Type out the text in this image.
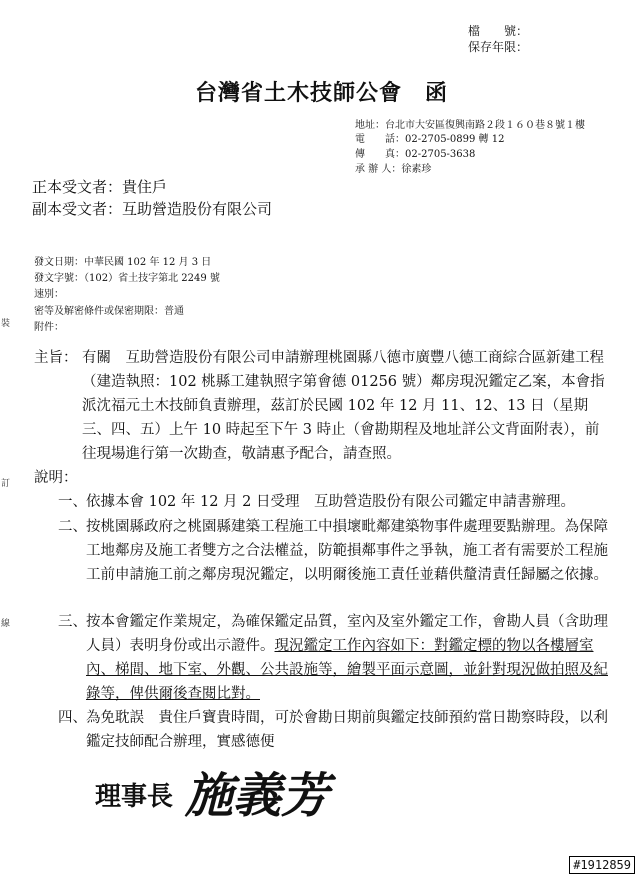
檔　　號：
保存年限：
台灣省土木技師公會　函
地址：台北市大安區復興南路２段１６０巷８號１樓
電　　話：02-2705-0899 轉 12
傳　　真：02-2705-3638
承 辦 人：徐素珍
正本受文者：貴住戶
副本受文者：互助營造股份有限公司
發文日期：中華民國 102 年 12 月 3 日
發文字號：（102）省土技字第北 2249 號
速別：
密等及解密條件或保密期限：普通
附件：
裝
訂
線
主旨： 有關　互助營造股份有限公司申請辦理桃園縣八德市廣豐八德工商綜合區新建工程（建造執照：102 桃縣工建執照字第會德 01256 號）鄰房現況鑑定乙案，本會指派沈福元土木技師負責辦理，茲訂於民國 102 年 12 月 11、12、13 日（星期三、四、五）上午 10 時起至下午 3 時止（會勘期程及地址詳公文背面附表），前往現場進行第一次勘查，敬請惠予配合，請查照。
說明：
一、 依據本會 102 年 12 月 2 日受理　互助營造股份有限公司鑑定申請書辦理。
二、 按桃園縣政府之桃園縣建築工程施工中損壞毗鄰建築物事件處理要點辦理。為保障工地鄰房及施工者雙方之合法權益，防範損鄰事件之爭執，施工者有需要於工程施工前申請施工前之鄰房現況鑑定，以明爾後施工責任並藉供釐清責任歸屬之依據。
三、 按本會鑑定作業規定，為確保鑑定品質，室內及室外鑑定工作，會勘人員（含助理人員）表明身份或出示證件。現況鑑定工作內容如下：對鑑定標的物以各樓層室內、梯間、地下室、外觀、公共設施等，繪製平面示意圖，並針對現況做拍照及紀錄等，俾供爾後查閱比對。
四、 為免耽誤　貴住戶寶貴時間，可於會勘日期前與鑑定技師預約當日勘察時段，以利鑑定技師配合辦理，實感德便
理事長 施義芳
#1912859
